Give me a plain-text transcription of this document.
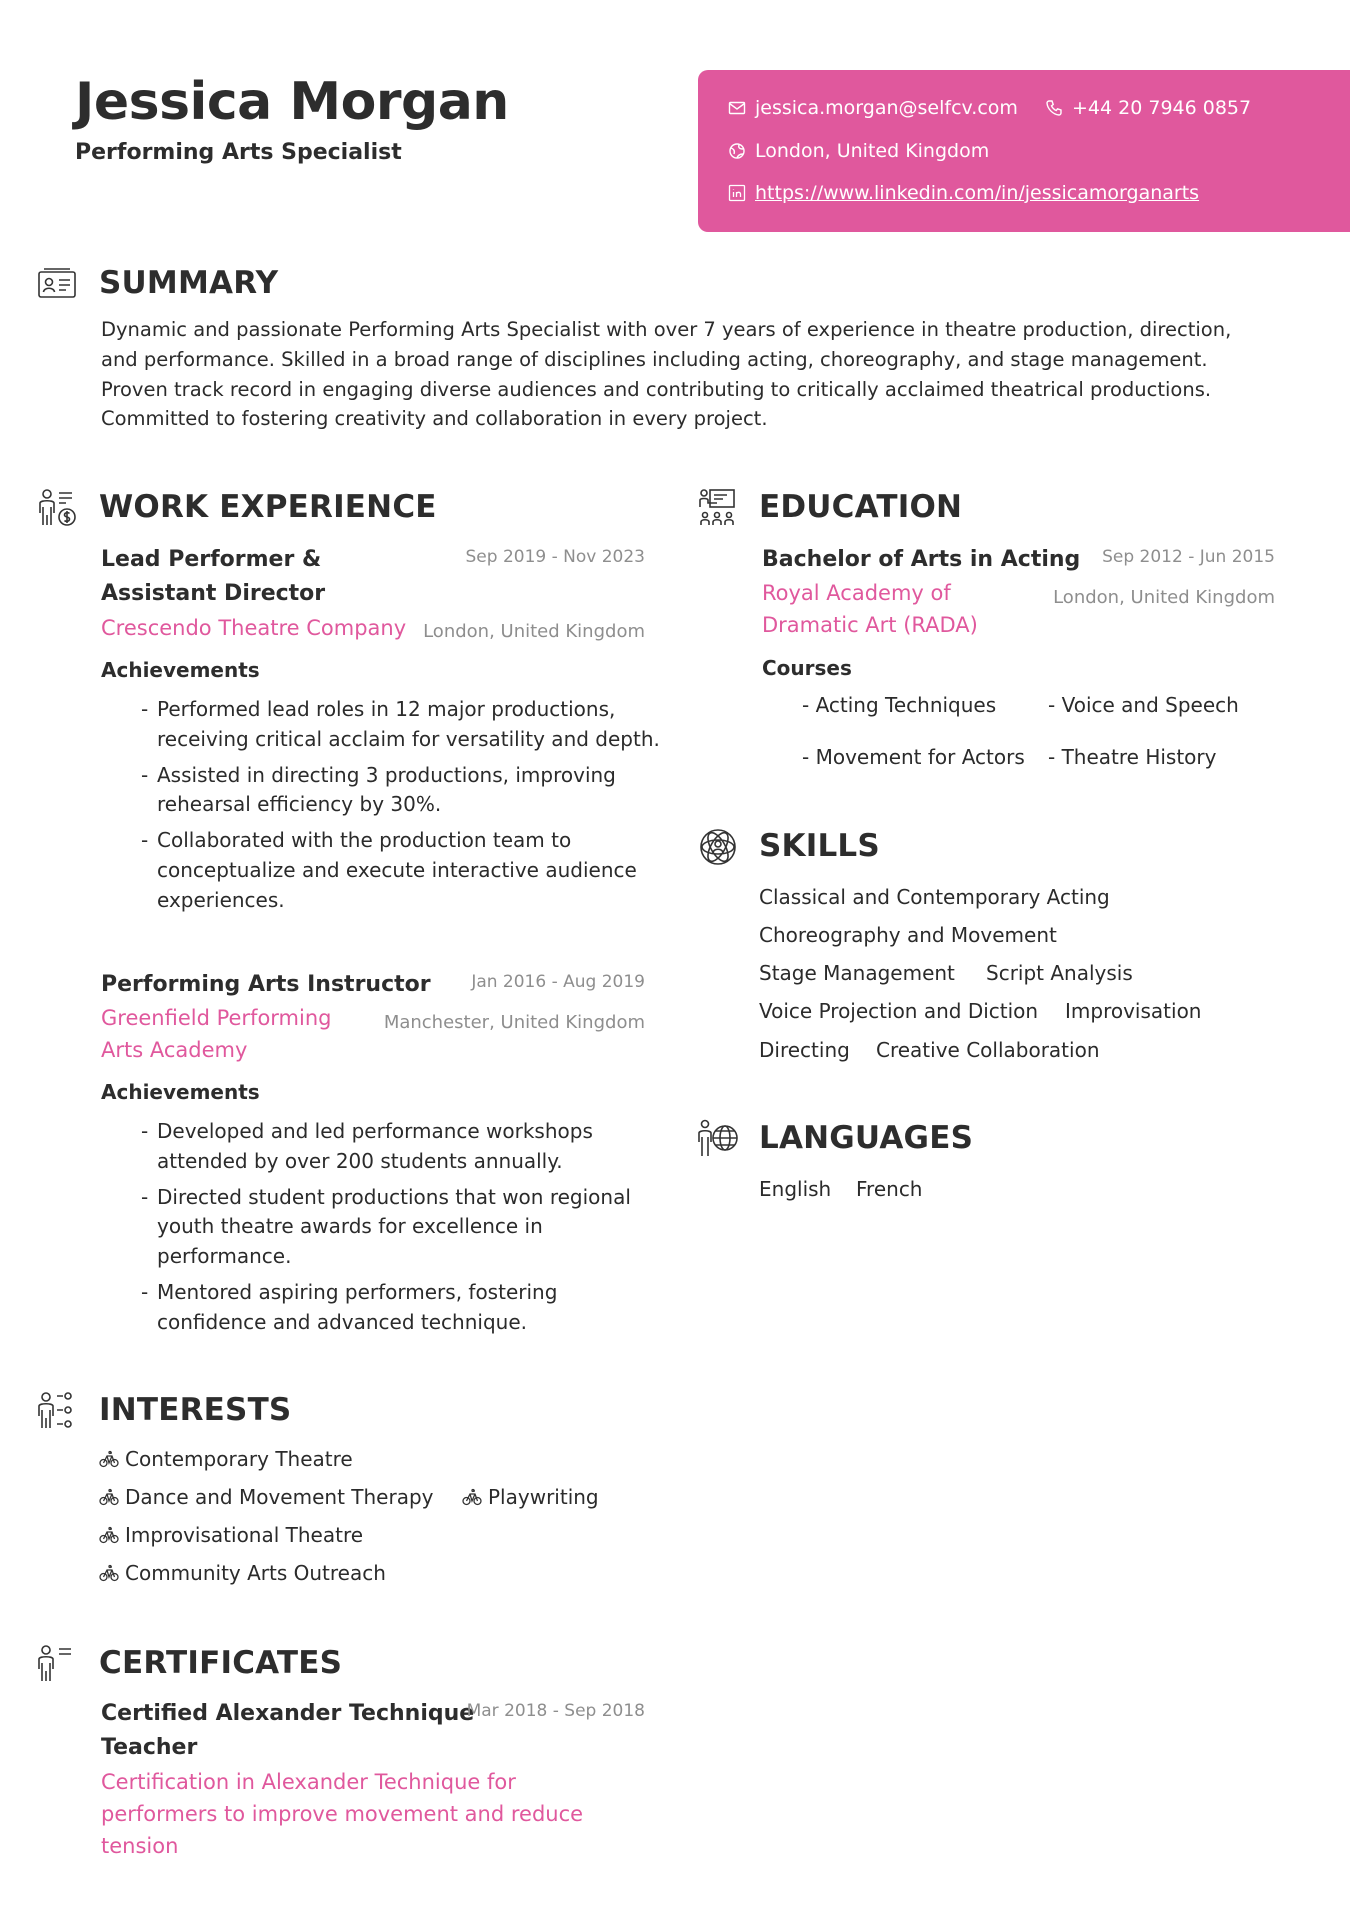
Jessica Morgan
Performing Arts Specialist
jessica.morgan@selfcv.com	+44 20 7946 0857
London, United Kingdom
https://www.linkedin.com/in/jessicamorganarts
SUMMARY
Dynamic and passionate Performing Arts Specialist with over 7 years of experience in theatre production, direction, and performance. Skilled in a broad range of disciplines including acting, choreography, and stage management. Proven track record in engaging diverse audiences and contributing to critically acclaimed theatrical productions. Committed to fostering creativity and collaboration in every project.
WORK EXPERIENCE
Lead Performer & Assistant Director
Sep 2019 - Nov 2023
Crescendo Theatre Company London, United Kingdom
Achievements
- Performed lead roles in 12 major productions, receiving critical acclaim for versatility and depth.
- Assisted in directing 3 productions, improving rehearsal efficiency by 30%.
- Collaborated with the production team to conceptualize and execute interactive audience experiences.
Performing Arts Instructor	Jan 2016 - Aug 2019
Greenfield Performing Arts Academy
Manchester, United Kingdom
Achievements
- Developed and led performance workshops attended by over 200 students annually.
- Directed student productions that won regional youth theatre awards for excellence in performance.
- Mentored aspiring performers, fostering confidence and advanced technique.
EDUCATION
Bachelor of Arts in Acting	Sep 2012 - Jun 2015
Royal Academy of Dramatic Art (RADA)
London, United Kingdom
Courses
- Acting Techniques	- Voice and Speech
- Movement for Actors - Theatre History
SKILLS
Classical and Contemporary Acting
Choreography and Movement
Stage Management Script Analysis
Voice Projection and Diction Improvisation
Directing Creative Collaboration
LANGUAGES
English French
INTERESTS
Contemporary Theatre
Dance and Movement Therapy	Playwriting
Improvisational Theatre
Community Arts Outreach
CERTIFICATES
Certified Alexander Technique Teacher
Mar 2018 - Sep 2018
Certification in Alexander Technique for performers to improve movement and reduce tension
